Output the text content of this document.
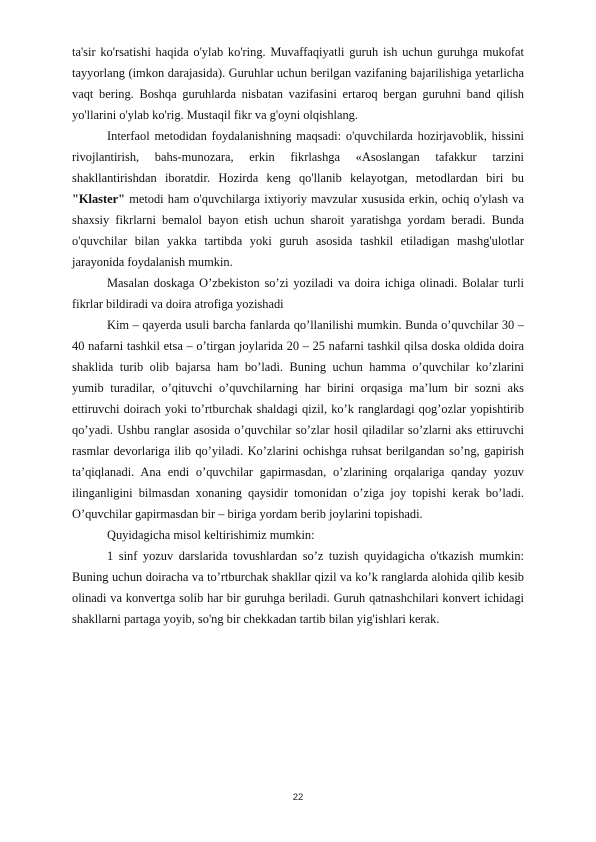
ta'sir ko'rsatishi haqida o'ylab ko'ring. Muvaffaqiyatli guruh ish uchun guruhga mukofat tayyorlang (imkon darajasida). Guruhlar uchun berilgan vazifaning bajarilishiga yetarlicha vaqt bering. Boshqa guruhlarda nisbatan vazifasini ertaroq bergan guruhni band qilish yo'llarini o'ylab ko'rig. Mustaqil fikr va g'oyni olqishlang.

Interfaol metodidan foydalanishning maqsadi: o'quvchilarda hozirjavoblik, hissini rivojlantirish, bahs-munozara, erkin fikrlashga «Asoslangan tafakkur tarzini shakllantirishdan iboratdir. Hozirda keng qo'llanib kelayotgan, metodlardan biri bu "Klaster" metodi ham o'quvchilarga ixtiyoriy mavzular xususida erkin, ochiq o'ylash va shaxsiy fikrlarni bemalol bayon etish uchun sharoit yaratishga yordam beradi. Bunda o'quvchilar bilan yakka tartibda yoki guruh asosida tashkil etiladigan mashg'ulotlar jarayonida foydalanish mumkin.

Masalan doskaga O’zbekiston so’zi yoziladi va doira ichiga olinadi. Bolalar turli fikrlar bildiradi va doira atrofiga yozishadi

Kim – qayerda usuli barcha fanlarda qo’llanilishi mumkin. Bunda o’quvchilar 30 – 40 nafarni tashkil etsa – o’tirgan joylarida 20 – 25 nafarni tashkil qilsa doska oldida doira shaklida turib olib bajarsa ham bo’ladi. Buning uchun hamma o’quvchilar ko’zlarini yumib turadilar, o’qituvchi o’quvchilarning har birini orqasiga ma’lum bir sozni aks ettiruvchi doirach yoki to’rtburchak shaldagi qizil, ko’k ranglardagi qog’ozlar yopishtirib qo’yadi. Ushbu ranglar asosida o’quvchilar so’zlar hosil qiladilar so’zlarni aks ettiruvchi rasmlar devorlariga ilib qo’yiladi. Ko’zlarini ochishga ruhsat berilgandan so’ng, gapirish ta’qiqlanadi. Ana endi o’quvchilar gapirmasdan, o’zlarining orqalariga qanday yozuv ilinganligini bilmasdan xonaning qaysidir tomonidan o’ziga joy topishi kerak bo’ladi. O’quvchilar gapirmasdan bir – biriga yordam berib joylarini topishadi.

Quyidagicha misol keltirishimiz mumkin:

1 sinf yozuv darslarida tovushlardan so’z tuzish quyidagicha o'tkazish mumkin: Buning uchun doiracha va to’rtburchak shakllar qizil va ko’k ranglarda alohida qilib kesib olinadi va konvertga solib har bir guruhga beriladi. Guruh qatnashchilari konvert ichidagi shakllarni partaga yoyib, so'ng bir chekkadan tartib bilan yig'ishlari kerak.

22
